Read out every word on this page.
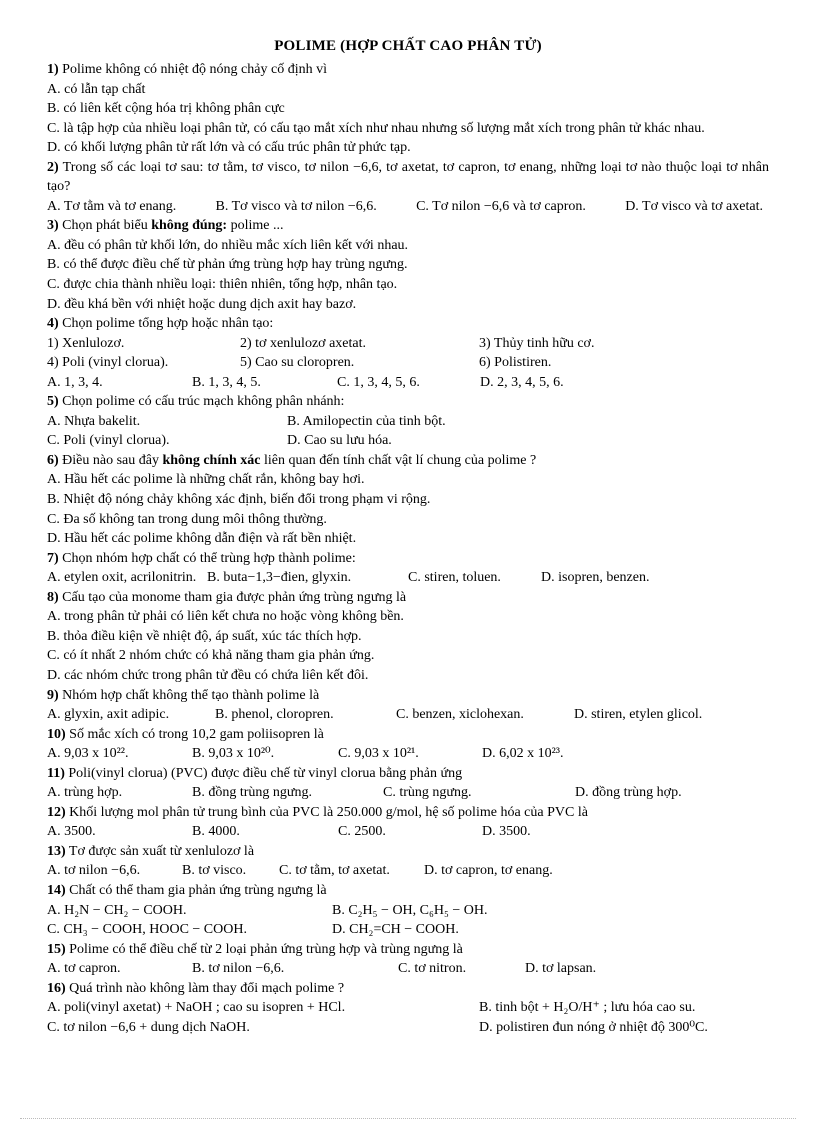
POLIME (HỢP CHẤT CAO PHÂN TỬ)
1) Polime không có nhiệt độ nóng chảy cố định vì
A. có lẫn tạp chất
B. có liên kết cộng hóa trị không phân cực
C. là tập hợp của nhiều loại phân tử, có cấu tạo mắt xích như nhau nhưng số lượng mắt xích trong phân tử khác nhau.
D. có khối lượng phân tử rất lớn và có cấu trúc phân tử phức tạp.
2) Trong số các loại tơ sau: tơ tằm, tơ visco, tơ nilon −6,6, tơ axetat, tơ capron, tơ enang, những loại tơ nào thuộc loại tơ nhân tạo?
A. Tơ tằm và tơ enang.	B. Tơ visco và tơ nilon −6,6.	C. Tơ nilon −6,6 và tơ capron.	D. Tơ visco và tơ axetat.
3) Chọn phát biểu không đúng: polime ...
A. đều có phân tử khối lớn, do nhiều mắc xích liên kết với nhau.
B. có thể được điều chế từ phản ứng trùng hợp hay trùng ngưng.
C. được chia thành nhiều loại: thiên nhiên, tổng hợp, nhân tạo.
D. đều khá bền với nhiệt hoặc dung dịch axit hay bazơ.
4) Chọn polime tổng hợp hoặc nhân tạo:
1) Xenlulozơ.	2) tơ xenlulozơ axetat.	3) Thủy tinh hữu cơ.
4) Poli (vinyl clorua).	5) Cao su cloropren.	6) Polistiren.
A. 1, 3, 4.	B. 1, 3, 4, 5.	C. 1, 3, 4, 5, 6.	D. 2, 3, 4, 5, 6.
5) Chọn polime có cấu trúc mạch không phân nhánh:
A. Nhựa bakelit.	B. Amilopectin của tinh bột.
C. Poli (vinyl clorua).	D. Cao su lưu hóa.
6) Điều nào sau đây không chính xác liên quan đến tính chất vật lí chung của polime ?
A. Hầu hết các polime là những chất rắn, không bay hơi.
B. Nhiệt độ nóng chảy không xác định, biến đổi trong phạm vi rộng.
C. Đa số không tan trong dung môi thông thường.
D. Hầu hết các polime không dẫn điện và rất bền nhiệt.
7) Chọn nhóm hợp chất có thể trùng hợp thành polime:
A. etylen oxit, acrilonitrin. B. buta−1,3−đien, glyxin.	C. stiren, toluen.	D. isopren, benzen.
8) Cấu tạo của monome tham gia được phản ứng trùng ngưng là
A. trong phân tử phải có liên kết chưa no hoặc vòng không bền.
B. thỏa điều kiện về nhiệt độ, áp suất, xúc tác thích hợp.
C. có ít nhất 2 nhóm chức có khả năng tham gia phản ứng.
D. các nhóm chức trong phân tử đều có chứa liên kết đôi.
9) Nhóm hợp chất không thể tạo thành polime là
A. glyxin, axit adipic.	B. phenol, cloropren.	C. benzen, xiclohexan.	D. stiren, etylen glicol.
10) Số mắc xích có trong 10,2 gam poliisopren là
A. 9,03 x 10²².	B. 9,03 x 10²⁰.	C. 9,03 x 10²¹.	D. 6,02 x 10²³.
11) Poli(vinyl clorua) (PVC) được điều chế từ vinyl clorua bằng phản ứng
A. trùng hợp.	B. đồng trùng ngưng.	C. trùng ngưng.	D. đồng trùng hợp.
12) Khối lượng mol phân tử trung bình của PVC là 250.000 g/mol, hệ số polime hóa của PVC là
A. 3500.	B. 4000.	C. 2500.	D. 3500.
13) Tơ được sản xuất từ xenlulozơ là
A. tơ nilon −6,6.	B. tơ visco.	C. tơ tằm, tơ axetat.	D. tơ capron, tơ enang.
14) Chất có thể tham gia phản ứng trùng ngưng là
A. H₂N − CH₂ − COOH.	B. C₂H₅ − OH, C₆H₅ − OH.
C. CH₃ − COOH, HOOC − COOH.	D. CH₂=CH − COOH.
15) Polime có thể điều chế từ 2 loại phản ứng trùng hợp và trùng ngưng là
A. tơ capron.	B. tơ nilon −6,6.	C. tơ nitron.	D. tơ lapsan.
16) Quá trình nào không làm thay đổi mạch polime ?
A. poli(vinyl axetat) + NaOH ; cao su isopren + HCl.	B. tinh bột + H₂O/H⁺ ; lưu hóa cao su.
C. tơ nilon −6,6 + dung dịch NaOH.	D. polistiren đun nóng ở nhiệt độ 300⁰C.
